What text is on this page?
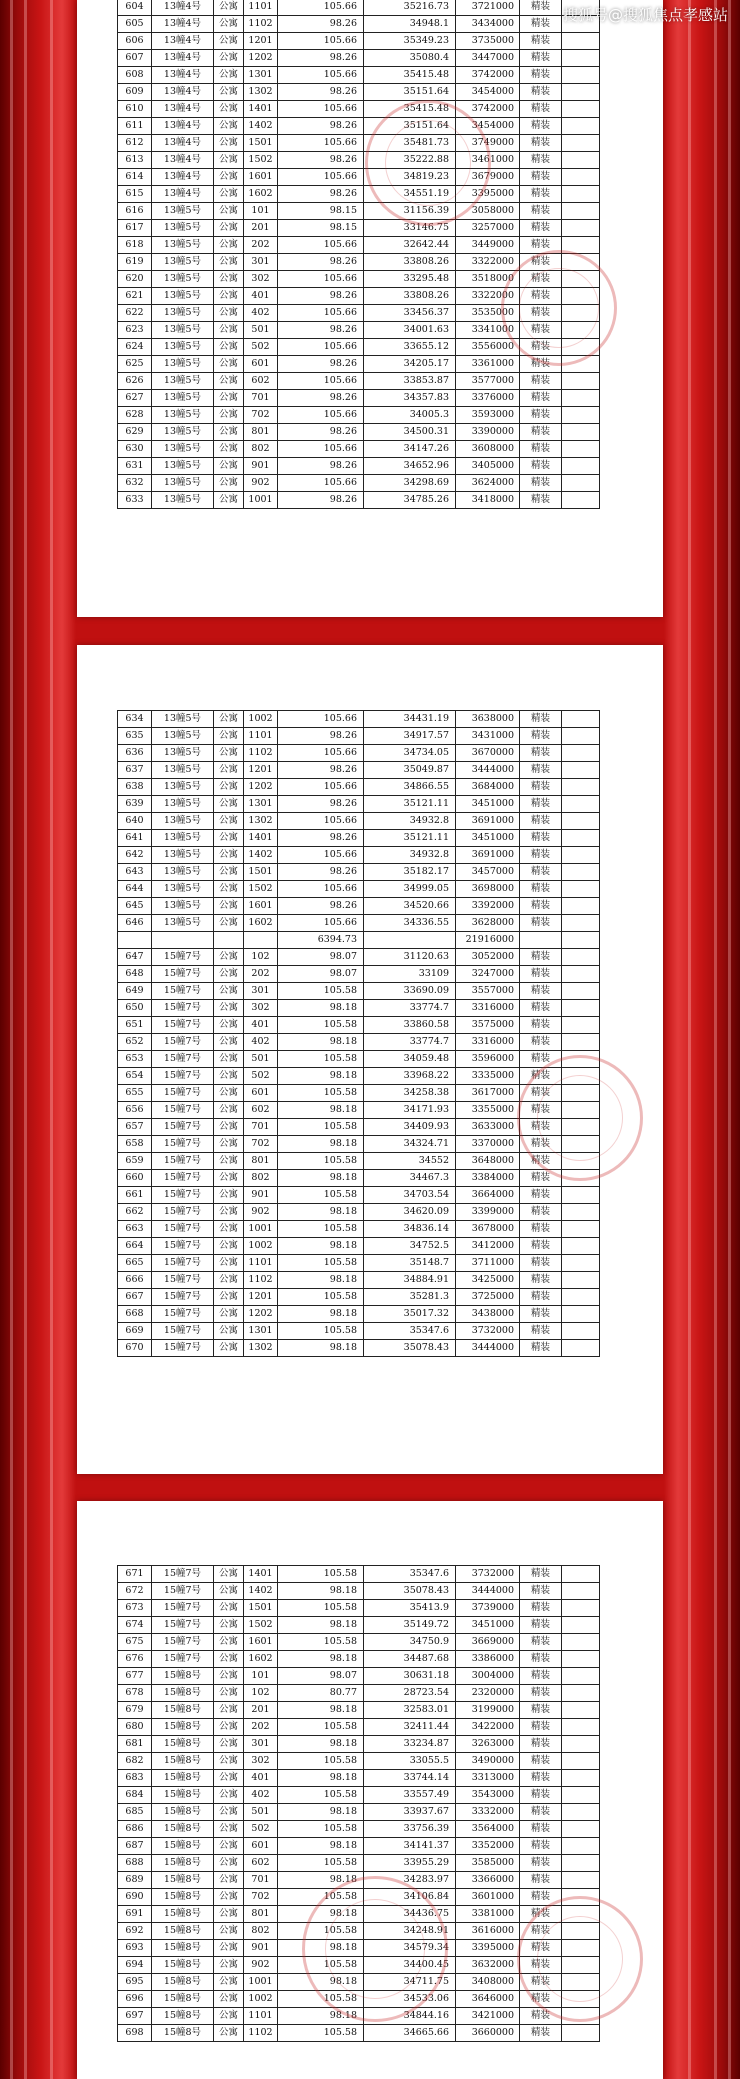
604	13幢4号	公寓	1101	105.66	35216.73	3721000	精装	
605	13幢4号	公寓	1102	98.26	34948.1	3434000	精装	
606	13幢4号	公寓	1201	105.66	35349.23	3735000	精装	
607	13幢4号	公寓	1202	98.26	35080.4	3447000	精装	
608	13幢4号	公寓	1301	105.66	35415.48	3742000	精装	
609	13幢4号	公寓	1302	98.26	35151.64	3454000	精装	
610	13幢4号	公寓	1401	105.66	35415.48	3742000	精装	
611	13幢4号	公寓	1402	98.26	35151.64	3454000	精装	
612	13幢4号	公寓	1501	105.66	35481.73	3749000	精装	
613	13幢4号	公寓	1502	98.26	35222.88	3461000	精装	
614	13幢4号	公寓	1601	105.66	34819.23	3679000	精装	
615	13幢4号	公寓	1602	98.26	34551.19	3395000	精装	
616	13幢5号	公寓	101	98.15	31156.39	3058000	精装	
617	13幢5号	公寓	201	98.15	33146.75	3257000	精装	
618	13幢5号	公寓	202	105.66	32642.44	3449000	精装	
619	13幢5号	公寓	301	98.26	33808.26	3322000	精装	
620	13幢5号	公寓	302	105.66	33295.48	3518000	精装	
621	13幢5号	公寓	401	98.26	33808.26	3322000	精装	
622	13幢5号	公寓	402	105.66	33456.37	3535000	精装	
623	13幢5号	公寓	501	98.26	34001.63	3341000	精装	
624	13幢5号	公寓	502	105.66	33655.12	3556000	精装	
625	13幢5号	公寓	601	98.26	34205.17	3361000	精装	
626	13幢5号	公寓	602	105.66	33853.87	3577000	精装	
627	13幢5号	公寓	701	98.26	34357.83	3376000	精装	
628	13幢5号	公寓	702	105.66	34005.3	3593000	精装	
629	13幢5号	公寓	801	98.26	34500.31	3390000	精装	
630	13幢5号	公寓	802	105.66	34147.26	3608000	精装	
631	13幢5号	公寓	901	98.26	34652.96	3405000	精装	
632	13幢5号	公寓	902	105.66	34298.69	3624000	精装	
633	13幢5号	公寓	1001	98.26	34785.26	3418000	精装	
634	13幢5号	公寓	1002	105.66	34431.19	3638000	精装	
635	13幢5号	公寓	1101	98.26	34917.57	3431000	精装	
636	13幢5号	公寓	1102	105.66	34734.05	3670000	精装	
637	13幢5号	公寓	1201	98.26	35049.87	3444000	精装	
638	13幢5号	公寓	1202	105.66	34866.55	3684000	精装	
639	13幢5号	公寓	1301	98.26	35121.11	3451000	精装	
640	13幢5号	公寓	1302	105.66	34932.8	3691000	精装	
641	13幢5号	公寓	1401	98.26	35121.11	3451000	精装	
642	13幢5号	公寓	1402	105.66	34932.8	3691000	精装	
643	13幢5号	公寓	1501	98.26	35182.17	3457000	精装	
644	13幢5号	公寓	1502	105.66	34999.05	3698000	精装	
645	13幢5号	公寓	1601	98.26	34520.66	3392000	精装	
646	13幢5号	公寓	1602	105.66	34336.55	3628000	精装	
				6394.73		21916000		
647	15幢7号	公寓	102	98.07	31120.63	3052000	精装	
648	15幢7号	公寓	202	98.07	33109	3247000	精装	
649	15幢7号	公寓	301	105.58	33690.09	3557000	精装	
650	15幢7号	公寓	302	98.18	33774.7	3316000	精装	
651	15幢7号	公寓	401	105.58	33860.58	3575000	精装	
652	15幢7号	公寓	402	98.18	33774.7	3316000	精装	
653	15幢7号	公寓	501	105.58	34059.48	3596000	精装	
654	15幢7号	公寓	502	98.18	33968.22	3335000	精装	
655	15幢7号	公寓	601	105.58	34258.38	3617000	精装	
656	15幢7号	公寓	602	98.18	34171.93	3355000	精装	
657	15幢7号	公寓	701	105.58	34409.93	3633000	精装	
658	15幢7号	公寓	702	98.18	34324.71	3370000	精装	
659	15幢7号	公寓	801	105.58	34552	3648000	精装	
660	15幢7号	公寓	802	98.18	34467.3	3384000	精装	
661	15幢7号	公寓	901	105.58	34703.54	3664000	精装	
662	15幢7号	公寓	902	98.18	34620.09	3399000	精装	
663	15幢7号	公寓	1001	105.58	34836.14	3678000	精装	
664	15幢7号	公寓	1002	98.18	34752.5	3412000	精装	
665	15幢7号	公寓	1101	105.58	35148.7	3711000	精装	
666	15幢7号	公寓	1102	98.18	34884.91	3425000	精装	
667	15幢7号	公寓	1201	105.58	35281.3	3725000	精装	
668	15幢7号	公寓	1202	98.18	35017.32	3438000	精装	
669	15幢7号	公寓	1301	105.58	35347.6	3732000	精装	
670	15幢7号	公寓	1302	98.18	35078.43	3444000	精装	
671	15幢7号	公寓	1401	105.58	35347.6	3732000	精装	
672	15幢7号	公寓	1402	98.18	35078.43	3444000	精装	
673	15幢7号	公寓	1501	105.58	35413.9	3739000	精装	
674	15幢7号	公寓	1502	98.18	35149.72	3451000	精装	
675	15幢7号	公寓	1601	105.58	34750.9	3669000	精装	
676	15幢7号	公寓	1602	98.18	34487.68	3386000	精装	
677	15幢8号	公寓	101	98.07	30631.18	3004000	精装	
678	15幢8号	公寓	102	80.77	28723.54	2320000	精装	
679	15幢8号	公寓	201	98.18	32583.01	3199000	精装	
680	15幢8号	公寓	202	105.58	32411.44	3422000	精装	
681	15幢8号	公寓	301	98.18	33234.87	3263000	精装	
682	15幢8号	公寓	302	105.58	33055.5	3490000	精装	
683	15幢8号	公寓	401	98.18	33744.14	3313000	精装	
684	15幢8号	公寓	402	105.58	33557.49	3543000	精装	
685	15幢8号	公寓	501	98.18	33937.67	3332000	精装	
686	15幢8号	公寓	502	105.58	33756.39	3564000	精装	
687	15幢8号	公寓	601	98.18	34141.37	3352000	精装	
688	15幢8号	公寓	602	105.58	33955.29	3585000	精装	
689	15幢8号	公寓	701	98.18	34283.97	3366000	精装	
690	15幢8号	公寓	702	105.58	34106.84	3601000	精装	
691	15幢8号	公寓	801	98.18	34436.75	3381000	精装	
692	15幢8号	公寓	802	105.58	34248.91	3616000	精装	
693	15幢8号	公寓	901	98.18	34579.34	3395000	精装	
694	15幢8号	公寓	902	105.58	34400.45	3632000	精装	
695	15幢8号	公寓	1001	98.18	34711.75	3408000	精装	
696	15幢8号	公寓	1002	105.58	34533.06	3646000	精装	
697	15幢8号	公寓	1101	98.18	34844.16	3421000	精装	
698	15幢8号	公寓	1102	105.58	34665.66	3660000	精装	
搜狐号@搜狐焦点孝感站
